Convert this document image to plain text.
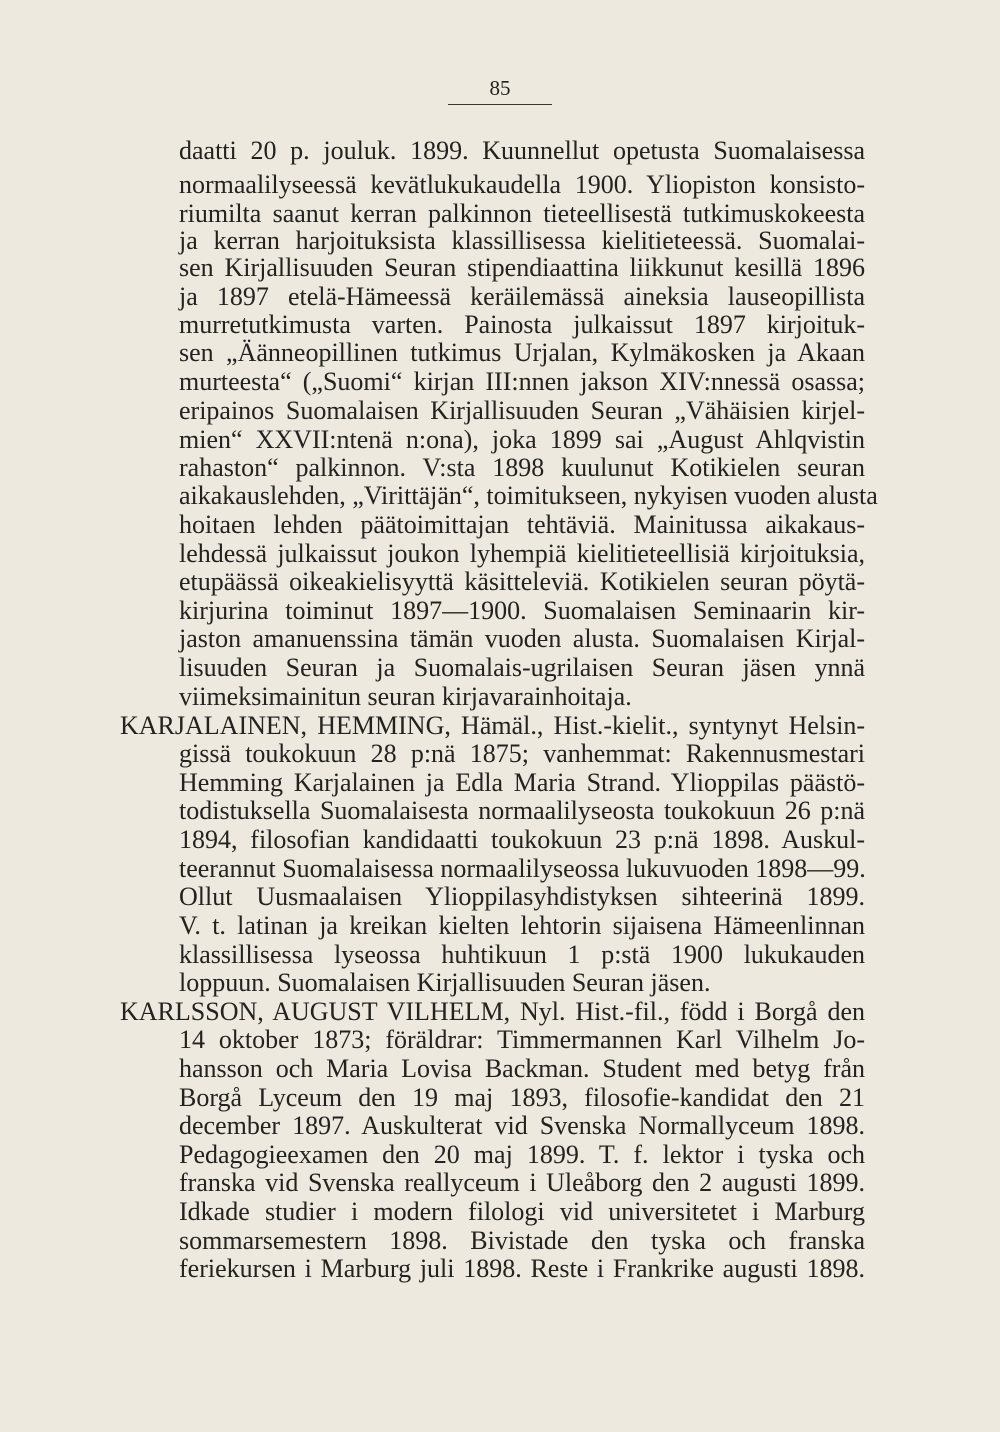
85
daatti 20 p. jouluk. 1899. Kuunnellut opetusta Suomalaisessa
normaalilyseessä kevätlukukaudella 1900. Yliopiston konsisto-
riumilta saanut kerran palkinnon tieteellisestä tutkimuskokeesta
ja kerran harjoituksista klassillisessa kielitieteessä. Suomalai-
sen Kirjallisuuden Seuran stipendiaattina liikkunut kesillä 1896
ja 1897 etelä-Hämeessä keräilemässä aineksia lauseopillista
murretutkimusta varten. Painosta julkaissut 1897 kirjoituk-
sen „Äänneopillinen tutkimus Urjalan, Kylmäkosken ja Akaan
murteesta“ („Suomi“ kirjan III:nnen jakson XIV:nnessä osassa;
eripainos Suomalaisen Kirjallisuuden Seuran „Vähäisien kirjel-
mien“ XXVII:ntenä n:ona), joka 1899 sai „August Ahlqvistin
rahaston“ palkinnon. V:sta 1898 kuulunut Kotikielen seuran
aikakauslehden, „Virittäjän“, toimitukseen, nykyisen vuoden alusta
hoitaen lehden päätoimittajan tehtäviä. Mainitussa aikakaus-
lehdessä julkaissut joukon lyhempiä kielitieteellisiä kirjoituksia,
etupäässä oikeakielisyyttä käsitteleviä. Kotikielen seuran pöytä-
kirjurina toiminut 1897—1900. Suomalaisen Seminaarin kir-
jaston amanuenssina tämän vuoden alusta. Suomalaisen Kirjal-
lisuuden Seuran ja Suomalais-ugrilaisen Seuran jäsen ynnä
viimeksimainitun seuran kirjavarainhoitaja.
KARJALAINEN, HEMMING, Hämäl., Hist.-kielit., syntynyt Helsin-
gissä toukokuun 28 p:nä 1875; vanhemmat: Rakennusmestari
Hemming Karjalainen ja Edla Maria Strand. Ylioppilas päästö-
todistuksella Suomalaisesta normaalilyseosta toukokuun 26 p:nä
1894, filosofian kandidaatti toukokuun 23 p:nä 1898. Auskul-
teerannut Suomalaisessa normaalilyseossa lukuvuoden 1898—99.
Ollut Uusmaalaisen Ylioppilasyhdistyksen sihteerinä 1899.
V. t. latinan ja kreikan kielten lehtorin sijaisena Hämeenlinnan
klassillisessa lyseossa huhtikuun 1 p:stä 1900 lukukauden
loppuun. Suomalaisen Kirjallisuuden Seuran jäsen.
KARLSSON, AUGUST VILHELM, Nyl. Hist.-fil., född i Borgå den
14 oktober 1873; föräldrar: Timmermannen Karl Vilhelm Jo-
hansson och Maria Lovisa Backman. Student med betyg från
Borgå Lyceum den 19 maj 1893, filosofie-kandidat den 21
december 1897. Auskulterat vid Svenska Normallyceum 1898.
Pedagogieexamen den 20 maj 1899. T. f. lektor i tyska och
franska vid Svenska reallyceum i Uleåborg den 2 augusti 1899.
Idkade studier i modern filologi vid universitetet i Marburg
sommarsemestern 1898. Bivistade den tyska och franska
feriekursen i Marburg juli 1898. Reste i Frankrike augusti 1898.
